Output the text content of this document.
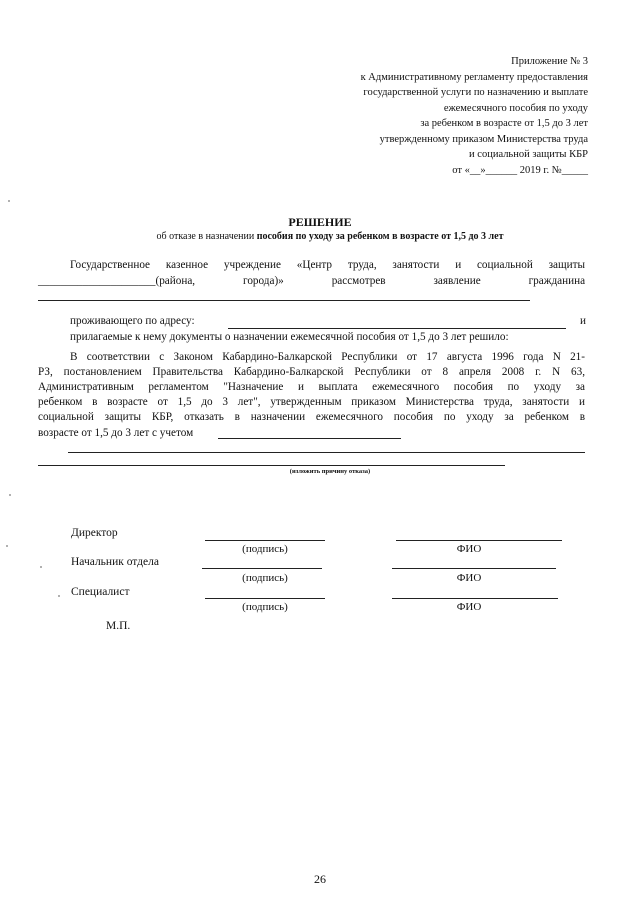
Приложение № 3
к Административному регламенту предоставления
государственной услуги по назначению и выплате
ежемесячного пособия по уходу
за ребенком в возрасте от 1,5 до 3 лет
утвержденному приказом Министерства труда
и социальной защиты КБР
от «__»______ 2019 г. №_____
РЕШЕНИЕ
об отказе в назначении пособия по уходу за ребенком в возрасте от 1,5 до 3 лет
Государственное казенное учреждение «Центр труда, занятости и социальной защиты
_____________________(района,	города)»	рассмотрев	заявление	гражданина
проживающего по адресу:	и
прилагаемые к нему документы о назначении ежемесячной пособия от 1,5 до 3 лет решило:
В соответствии с Законом Кабардино-Балкарской Республики от 17 августа 1996 года N 21-
РЗ, постановлением Правительства Кабардино-Балкарской Республики от 8 апреля 2008 г. N 63,
Административным регламентом "Назначение и выплата ежемесячного пособия по уходу за
ребенком в возрасте от 1,5 до 3 лет", утвержденным приказом Министерства труда, занятости и
социальной защиты КБР, отказать в назначении ежемесячного пособия по уходу за ребенком в
возрасте от 1,5 до 3 лет с учетом
(изложить причину отказа)
Директор
(подпись)	ФИО
Начальник отдела
(подпись)	ФИО
Специалист
(подпись)	ФИО
М.П.
26
